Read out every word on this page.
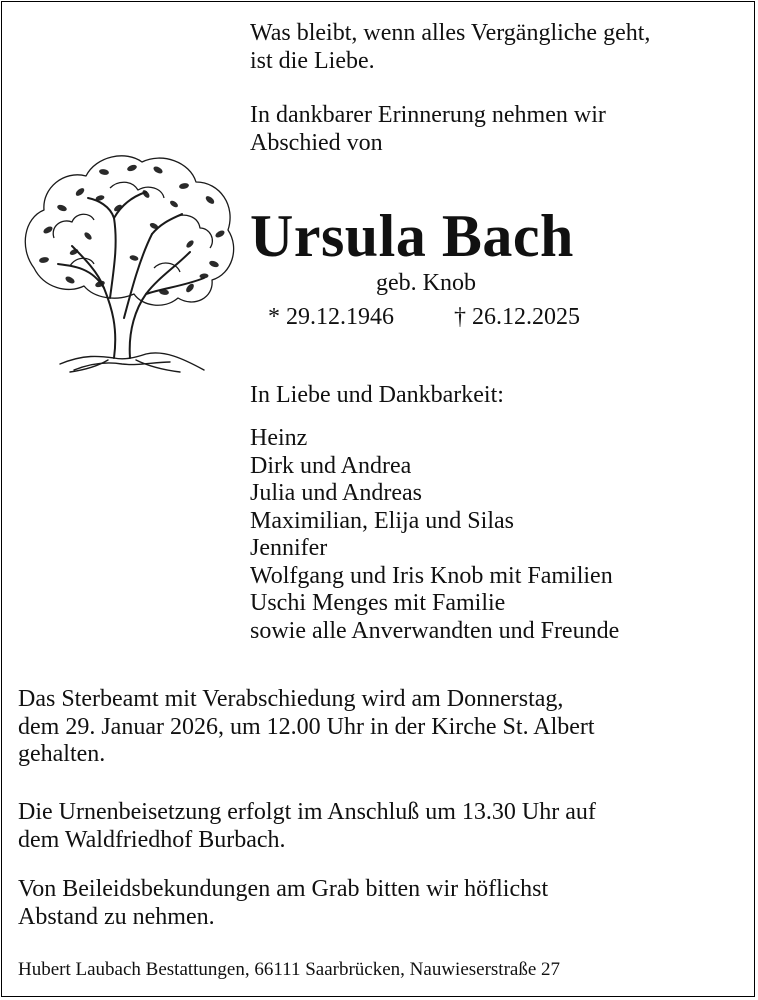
Was bleibt, wenn alles Vergängliche geht,
ist die Liebe.
In dankbarer Erinnerung nehmen wir
Abschied von
Ursula Bach
geb. Knob
* 29.12.1946	† 26.12.2025
In Liebe und Dankbarkeit:
Heinz
Dirk und Andrea
Julia und Andreas
Maximilian, Elija und Silas
Jennifer
Wolfgang und Iris Knob mit Familien
Uschi Menges mit Familie
sowie alle Anverwandten und Freunde
Das Sterbeamt mit Verabschiedung wird am Donnerstag,
dem 29. Januar 2026, um 12.00 Uhr in der Kirche St. Albert
gehalten.
Die Urnenbeisetzung erfolgt im Anschluß um 13.30 Uhr auf
dem Waldfriedhof Burbach.
Von Beileidsbekundungen am Grab bitten wir höflichst
Abstand zu nehmen.
Hubert Laubach Bestattungen, 66111 Saarbrücken, Nauwieserstraße 27
